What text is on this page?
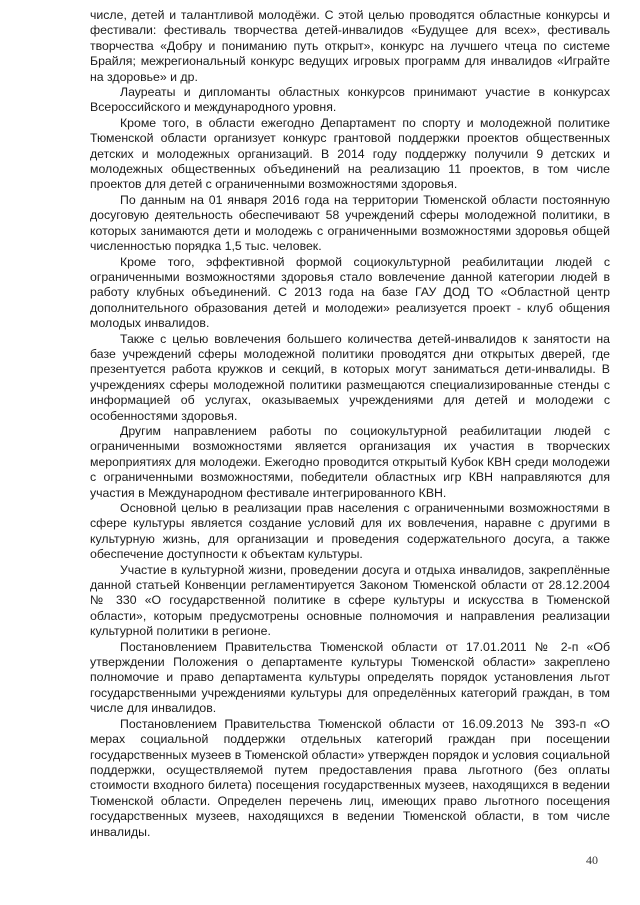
числе, детей и талантливой молодёжи. С этой целью проводятся областные конкурсы и фестивали: фестиваль творчества детей-инвалидов «Будущее для всех», фестиваль творчества «Добру и пониманию путь открыт», конкурс на лучшего чтеца по системе Брайля; межрегиональный конкурс ведущих игровых программ для инвалидов «Играйте на здоровье» и др.

Лауреаты и дипломанты областных конкурсов принимают участие в конкурсах Всероссийского и международного уровня.

Кроме того, в области ежегодно Департамент по спорту и молодежной политике Тюменской области организует конкурс грантовой поддержки проектов общественных детских и молодежных организаций. В 2014 году поддержку получили 9 детских и молодежных общественных объединений на реализацию 11 проектов, в том числе проектов для детей с ограниченными возможностями здоровья.

По данным на 01 января 2016 года на территории Тюменской области постоянную досуговую деятельность обеспечивают 58 учреждений сферы молодежной политики, в которых занимаются дети и молодежь с ограниченными возможностями здоровья общей численностью порядка 1,5 тыс. человек.

Кроме того, эффективной формой социокультурной реабилитации людей с ограниченными возможностями здоровья стало вовлечение данной категории людей в работу клубных объединений. С 2013 года на базе ГАУ ДОД ТО «Областной центр дополнительного образования детей и молодежи» реализуется проект - клуб общения молодых инвалидов.

Также с целью вовлечения большего количества детей-инвалидов к занятости на базе учреждений сферы молодежной политики проводятся дни открытых дверей, где презентуется работа кружков и секций, в которых могут заниматься дети-инвалиды. В учреждениях сферы молодежной политики размещаются специализированные стенды с информацией об услугах, оказываемых учреждениями для детей и молодежи с особенностями здоровья.

Другим направлением работы по социокультурной реабилитации людей с ограниченными возможностями является организация их участия в творческих мероприятиях для молодежи. Ежегодно проводится открытый Кубок КВН среди молодежи с ограниченными возможностями, победители областных игр КВН направляются для участия в Международном фестивале интегрированного КВН.

Основной целью в реализации прав населения с ограниченными возможностями в сфере культуры является создание условий для их вовлечения, наравне с другими в культурную жизнь, для организации и проведения содержательного досуга, а также обеспечение доступности к объектам культуры.

Участие в культурной жизни, проведении досуга и отдыха инвалидов, закреплённые данной статьей Конвенции регламентируется Законом Тюменской области от 28.12.2004 № 330 «О государственной политике в сфере культуры и искусства в Тюменской области», которым предусмотрены основные полномочия и направления реализации культурной политики в регионе.

Постановлением Правительства Тюменской области от 17.01.2011 № 2-п «Об утверждении Положения о департаменте культуры Тюменской области» закреплено полномочие и право департамента культуры определять порядок установления льгот государственными учреждениями культуры для определённых категорий граждан, в том числе для инвалидов.

Постановлением Правительства Тюменской области от 16.09.2013 № 393-п «О мерах социальной поддержки отдельных категорий граждан при посещении государственных музеев в Тюменской области» утвержден порядок и условия социальной поддержки, осуществляемой путем предоставления права льготного (без оплаты стоимости входного билета) посещения государственных музеев, находящихся в ведении Тюменской области. Определен перечень лиц, имеющих право льготного посещения государственных музеев, находящихся в ведении Тюменской области, в том числе инвалиды.

40
